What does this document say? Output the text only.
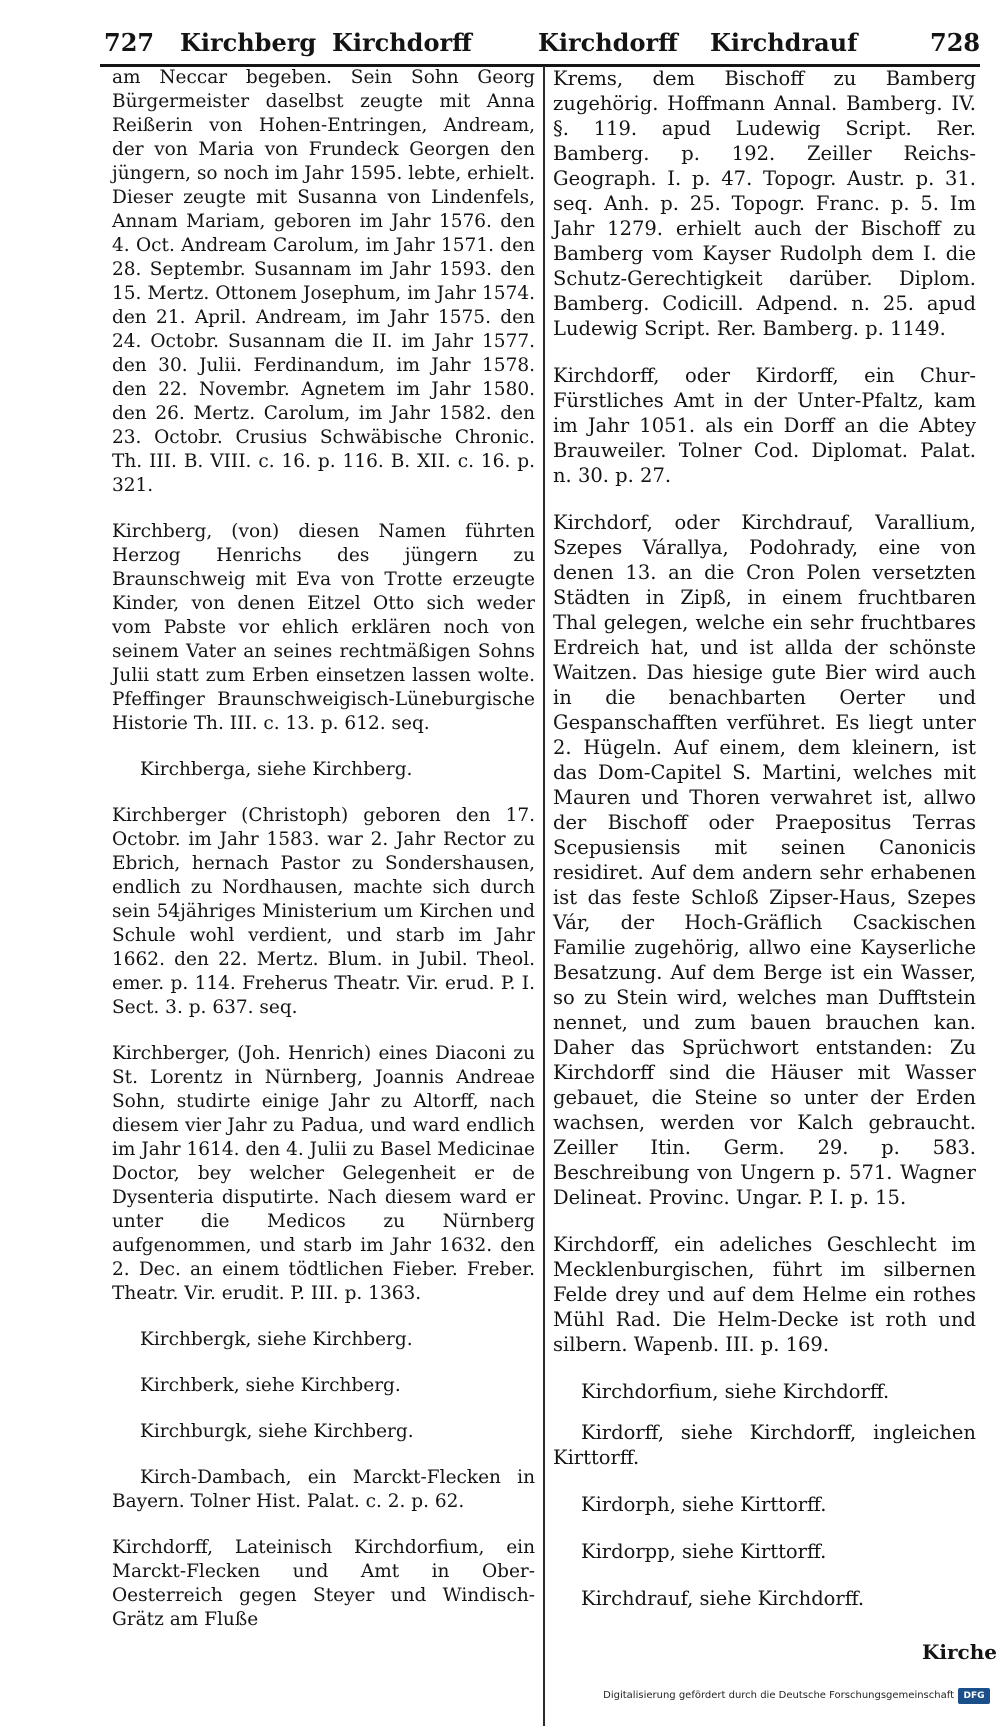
727 Kirchberg Kirchdorff	Kirchdorff Kirchdrauf	728

am Neccar begeben. Sein Sohn Georg Bürgermeister daselbst zeugte mit Anna Reißerin von Hohen-Entringen, Andream, der von Maria von Frundeck Georgen den jüngern, so noch im Jahr 1595. lebte, erhielt. Dieser zeugte mit Susanna von Lindenfels, Annam Mariam, geboren im Jahr 1576. den 4. Oct. Andream Carolum, im Jahr 1571. den 28. Septembr. Susannam im Jahr 1593. den 15. Mertz. Ottonem Josephum, im Jahr 1574. den 21. April. Andream, im Jahr 1575. den 24. Octobr. Susannam die II. im Jahr 1577. den 30. Julii. Ferdinandum, im Jahr 1578. den 22. Novembr. Agnetem im Jahr 1580. den 26. Mertz. Carolum, im Jahr 1582. den 23. Octobr. Crusius Schwäbische Chronic. Th. III. B. VIII. c. 16. p. 116. B. XII. c. 16. p. 321.

Kirchberg, (von) diesen Namen führten Herzog Henrichs des jüngern zu Braunschweig mit Eva von Trotte erzeugte Kinder, von denen Eitzel Otto sich weder vom Pabste vor ehlich erklären noch von seinem Vater an seines rechtmäßigen Sohns Julii statt zum Erben einsetzen lassen wolte. Pfeffinger Braunschweigisch-Lüneburgische Historie Th. III. c. 13. p. 612. seq.

Kirchberga, siehe Kirchberg.

Kirchberger (Christoph) geboren den 17. Octobr. im Jahr 1583. war 2. Jahr Rector zu Ebrich, hernach Pastor zu Sondershausen, endlich zu Nordhausen, machte sich durch sein 54jähriges Ministerium um Kirchen und Schule wohl verdient, und starb im Jahr 1662. den 22. Mertz. Blum. in Jubil. Theol. emer. p. 114. Freherus Theatr. Vir. erud. P. I. Sect. 3. p. 637. seq.

Kirchberger, (Joh. Henrich) eines Diaconi zu St. Lorentz in Nürnberg, Joannis Andreae Sohn, studirte einige Jahr zu Altorff, nach diesem vier Jahr zu Padua, und ward endlich im Jahr 1614. den 4. Julii zu Basel Medicinae Doctor, bey welcher Gelegenheit er de Dysenteria disputirte. Nach diesem ward er unter die Medicos zu Nürnberg aufgenommen, und starb im Jahr 1632. den 2. Dec. an einem tödtlichen Fieber. Freber. Theatr. Vir. erudit. P. III. p. 1363.

Kirchbergk, siehe Kirchberg.

Kirchberk, siehe Kirchberg.

Kirchburgk, siehe Kirchberg.

Kirch-Dambach, ein Marckt-Flecken in Bayern. Tolner Hist. Palat. c. 2. p. 62.

Kirchdorff, Lateinisch Kirchdorfium, ein Marckt-Flecken und Amt in Ober-Oesterreich gegen Steyer und Windisch-Grätz am Fluße

Krems, dem Bischoff zu Bamberg zugehörig. Hoffmann Annal. Bamberg. IV. §. 119. apud Ludewig Script. Rer. Bamberg. p. 192. Zeiller Reichs-Geograph. I. p. 47. Topogr. Austr. p. 31. seq. Anh. p. 25. Topogr. Franc. p. 5. Im Jahr 1279. erhielt auch der Bischoff zu Bamberg vom Kayser Rudolph dem I. die Schutz-Gerechtigkeit darüber. Diplom. Bamberg. Codicill. Adpend. n. 25. apud Ludewig Script. Rer. Bamberg. p. 1149.

Kirchdorff, oder Kirdorff, ein Chur-Fürstliches Amt in der Unter-Pfaltz, kam im Jahr 1051. als ein Dorff an die Abtey Brauweiler. Tolner Cod. Diplomat. Palat. n. 30. p. 27.

Kirchdorf, oder Kirchdrauf, Varallium, Szepes Várallya, Podohrady, eine von denen 13. an die Cron Polen versetzten Städten in Zipß, in einem fruchtbaren Thal gelegen, welche ein sehr fruchtbares Erdreich hat, und ist allda der schönste Waitzen. Das hiesige gute Bier wird auch in die benachbarten Oerter und Gespanschafften verführet. Es liegt unter 2. Hügeln. Auf einem, dem kleinern, ist das Dom-Capitel S. Martini, welches mit Mauren und Thoren verwahret ist, allwo der Bischoff oder Praepositus Terras Scepusiensis mit seinen Canonicis residiret. Auf dem andern sehr erhabenen ist das feste Schloß Zipser-Haus, Szepes Vár, der Hoch-Gräflich Csackischen Familie zugehörig, allwo eine Kayserliche Besatzung. Auf dem Berge ist ein Wasser, so zu Stein wird, welches man Dufftstein nennet, und zum bauen brauchen kan. Daher das Sprüchwort entstanden: Zu Kirchdorff sind die Häuser mit Wasser gebauet, die Steine so unter der Erden wachsen, werden vor Kalch gebraucht. Zeiller Itin. Germ. 29. p. 583. Beschreibung von Ungern p. 571. Wagner Delineat. Provinc. Ungar. P. I. p. 15.

Kirchdorff, ein adeliches Geschlecht im Mecklenburgischen, führt im silbernen Felde drey und auf dem Helme ein rothes Mühl Rad. Die Helm-Decke ist roth und silbern. Wapenb. III. p. 169.

Kirchdorfium, siehe Kirchdorff.

Kirdorff, siehe Kirchdorff, ingleichen Kirttorff.

Kirdorph, siehe Kirttorff.

Kirdorpp, siehe Kirttorff.

Kirchdrauf, siehe Kirchdorff.

Kirche
Digitalisierung gefördert durch die Deutsche Forschungsgemeinschaft	DFG
